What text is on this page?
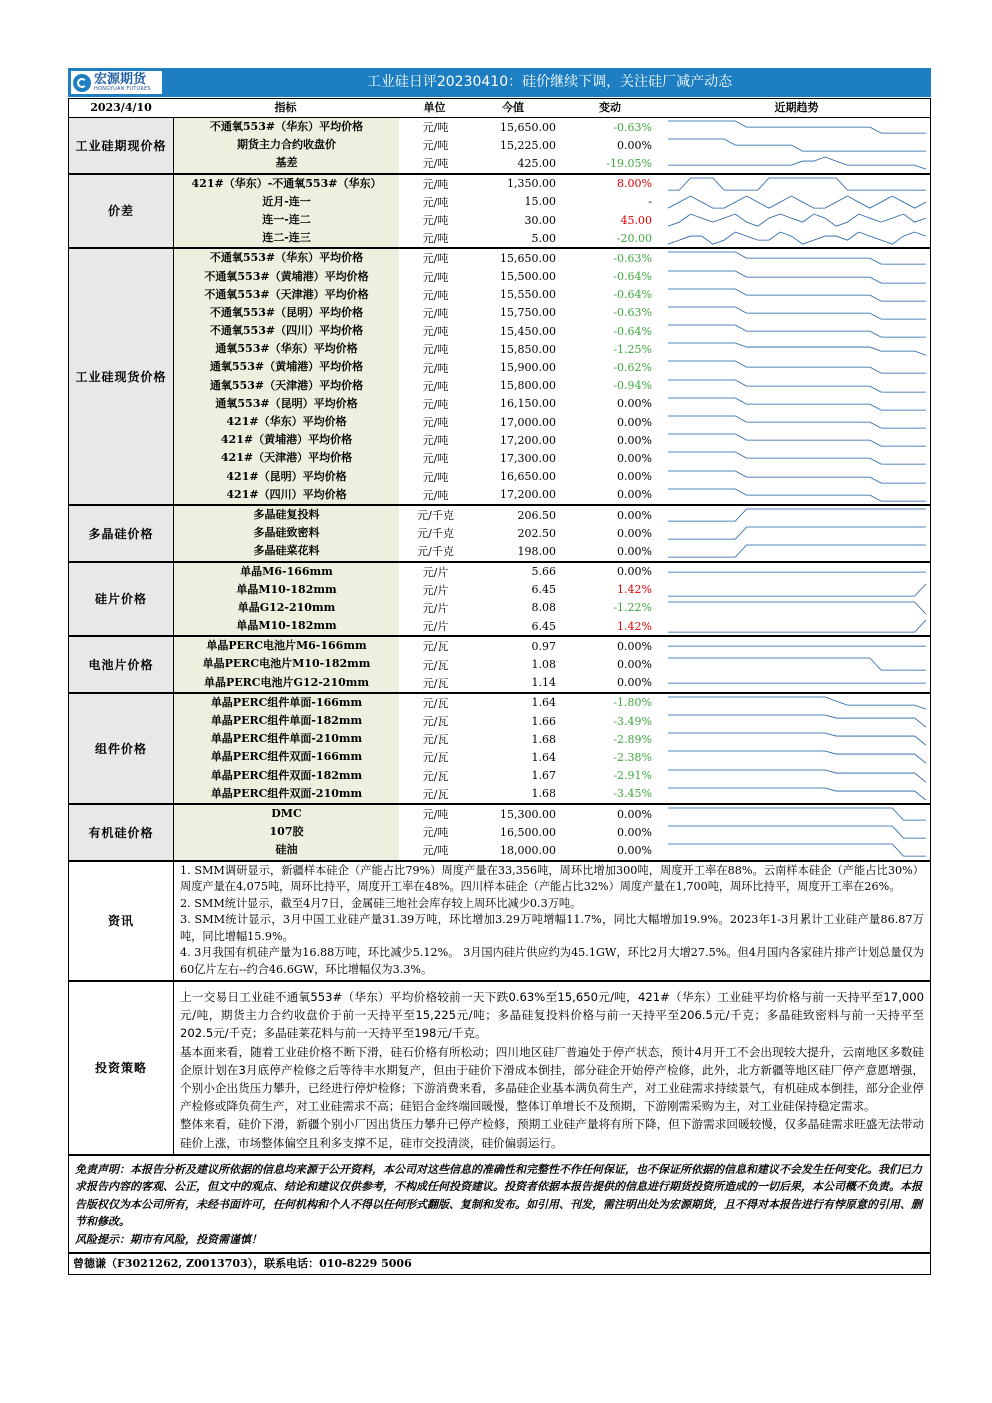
宏源期货
HONGYUAN FUTURES	工业硅日评20230410：硅价继续下调，关注硅厂减产动态
2023/4/10	指标	单位	今值	变动	近期趋势
工业硅期现价格
不通氧553#（华东）平均价格	元/吨	15,650.00	-0.63%
期货主力合约收盘价	元/吨	15,225.00	0.00%
基差	元/吨	425.00	-19.05%
价差
421#（华东）-不通氧553#（华东）	元/吨	1,350.00	8.00%
近月-连一	元/吨	15.00	-
连一-连二	元/吨	30.00	45.00
连二-连三	元/吨	5.00	-20.00
工业硅现货价格
不通氧553#（华东）平均价格	元/吨	15,650.00	-0.63%
不通氧553#（黄埔港）平均价格	元/吨	15,500.00	-0.64%
不通氧553#（天津港）平均价格	元/吨	15,550.00	-0.64%
不通氧553#（昆明）平均价格	元/吨	15,750.00	-0.63%
不通氧553#（四川）平均价格	元/吨	15,450.00	-0.64%
通氧553#（华东）平均价格	元/吨	15,850.00	-1.25%
通氧553#（黄埔港）平均价格	元/吨	15,900.00	-0.62%
通氧553#（天津港）平均价格	元/吨	15,800.00	-0.94%
通氧553#（昆明）平均价格	元/吨	16,150.00	0.00%
421#（华东）平均价格	元/吨	17,000.00	0.00%
421#（黄埔港）平均价格	元/吨	17,200.00	0.00%
421#（天津港）平均价格	元/吨	17,300.00	0.00%
421#（昆明）平均价格	元/吨	16,650.00	0.00%
421#（四川）平均价格	元/吨	17,200.00	0.00%
多晶硅价格
多晶硅复投料	元/千克	206.50	0.00%
多晶硅致密料	元/千克	202.50	0.00%
多晶硅菜花料	元/千克	198.00	0.00%
硅片价格
单晶M6-166mm	元/片	5.66	0.00%
单晶M10-182mm	元/片	6.45	1.42%
单晶G12-210mm	元/片	8.08	-1.22%
单晶M10-182mm	元/片	6.45	1.42%
电池片价格
单晶PERC电池片M6-166mm	元/瓦	0.97	0.00%
单晶PERC电池片M10-182mm	元/瓦	1.08	0.00%
单晶PERC电池片G12-210mm	元/瓦	1.14	0.00%
组件价格
单晶PERC组件单面-166mm	元/瓦	1.64	-1.80%
单晶PERC组件单面-182mm	元/瓦	1.66	-3.49%
单晶PERC组件单面-210mm	元/瓦	1.68	-2.89%
单晶PERC组件双面-166mm	元/瓦	1.64	-2.38%
单晶PERC组件双面-182mm	元/瓦	1.67	-2.91%
单晶PERC组件双面-210mm	元/瓦	1.68	-3.45%
有机硅价格
DMC	元/吨	15,300.00	0.00%
107胶	元/吨	16,500.00	0.00%
硅油	元/吨	18,000.00	0.00%
资讯
1. SMM调研显示，新疆样本硅企（产能占比79%）周度产量在33,356吨，周环比增加300吨，周度开工率在88%。云南样本硅企（产能占比30%）周度产量在4,075吨，周环比持平，周度开工率在48%。四川样本硅企（产能占比32%）周度产量在1,700吨，周环比持平，周度开工率在26%。
2. SMM统计显示，截至4月7日，金属硅三地社会库存较上周环比减少0.3万吨。
3. SMM统计显示，3月中国工业硅产量31.39万吨，环比增加3.29万吨增幅11.7%，同比大幅增加19.9%。2023年1-3月累计工业硅产量86.87万吨，同比增幅15.9%。
4. 3月我国有机硅产量为16.88万吨，环比减少5.12%。 3月国内硅片供应约为45.1GW，环比2月大增27.5%。但4月国内各家硅片排产计划总量仅为60亿片左右--约合46.6GW，环比增幅仅为3.3%。
投资策略

上一交易日工业硅不通氧553#（华东）平均价格较前一天下跌0.63%至15,650元/吨，421#（华东）工业硅平均价格与前一天持平至17,000元/吨，期货主力合约收盘价于前一天持平至15,225元/吨；多晶硅复投料价格与前一天持平至206.5元/千克；多晶硅致密料与前一天持平至202.5元/千克；多晶硅莱花料与前一天持平至198元/千克。

基本面来看，随着工业硅价格不断下滑，硅石价格有所松动；四川地区硅厂普遍处于停产状态，预计4月开工不会出现较大提升，云南地区多数硅企原计划在3月底停产检修之后等待丰水期复产，但由于硅价下滑成本倒挂，部分硅企开始停产检修，此外，北方新疆等地区硅厂停产意愿增强，个别小企出货压力攀升，已经进行停炉检修；下游消费来看，多晶硅企业基本满负荷生产，对工业硅需求持续景气，有机硅成本倒挂，部分企业停产检修或降负荷生产，对工业硅需求不高；硅铝合金终端回暖慢，整体订单增长不及预期，下游刚需采购为主，对工业硅保持稳定需求。

整体来看，硅价下滑，新疆个别小厂因出货压力攀升已停产检修，预期工业硅产量将有所下降，但下游需求回暖较慢，仅多晶硅需求旺盛无法带动硅价上涨，市场整体偏空且利多支撑不足，硅市交投清淡，硅价偏弱运行。

免责声明：本报告分析及建议所依据的信息均来源于公开资料，本公司对这些信息的准确性和完整性不作任何保证，也不保证所依据的信息和建议不会发生任何变化。我们已力求报告内容的客观、公正，但文中的观点、结论和建议仅供参考，不构成任何投资建议。投资者依据本报告提供的信息进行期货投资所造成的一切后果，本公司概不负责。本报告版权仅为本公司所有，未经书面许可，任何机构和个人不得以任何形式翻版、复制和发布。如引用、刊发，需注明出处为宏源期货，且不得对本报告进行有悖原意的引用、删节和修改。
风险提示：期市有风险，投资需谨慎！
曾德谦（F3021262, Z0013703），联系电话：010-8229 5006
